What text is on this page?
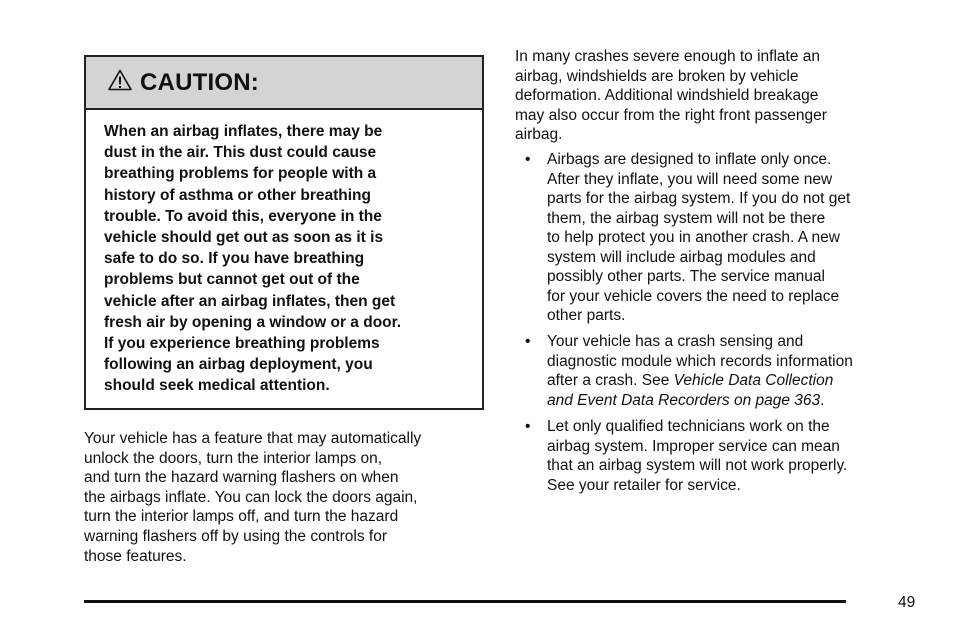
CAUTION:
When an airbag inflates, there may be
dust in the air. This dust could cause
breathing problems for people with a
history of asthma or other breathing
trouble. To avoid this, everyone in the
vehicle should get out as soon as it is
safe to do so. If you have breathing
problems but cannot get out of the
vehicle after an airbag inflates, then get
fresh air by opening a window or a door.
If you experience breathing problems
following an airbag deployment, you
should seek medical attention.
Your vehicle has a feature that may automatically
unlock the doors, turn the interior lamps on,
and turn the hazard warning flashers on when
the airbags inflate. You can lock the doors again,
turn the interior lamps off, and turn the hazard
warning flashers off by using the controls for
those features.
In many crashes severe enough to inflate an
airbag, windshields are broken by vehicle
deformation. Additional windshield breakage
may also occur from the right front passenger
airbag.
• Airbags are designed to inflate only once.
After they inflate, you will need some new
parts for the airbag system. If you do not get
them, the airbag system will not be there
to help protect you in another crash. A new
system will include airbag modules and
possibly other parts. The service manual
for your vehicle covers the need to replace
other parts.
• Your vehicle has a crash sensing and
diagnostic module which records information
after a crash. See Vehicle Data Collection
and Event Data Recorders on page 363.
• Let only qualified technicians work on the
airbag system. Improper service can mean
that an airbag system will not work properly.
See your retailer for service.
49
